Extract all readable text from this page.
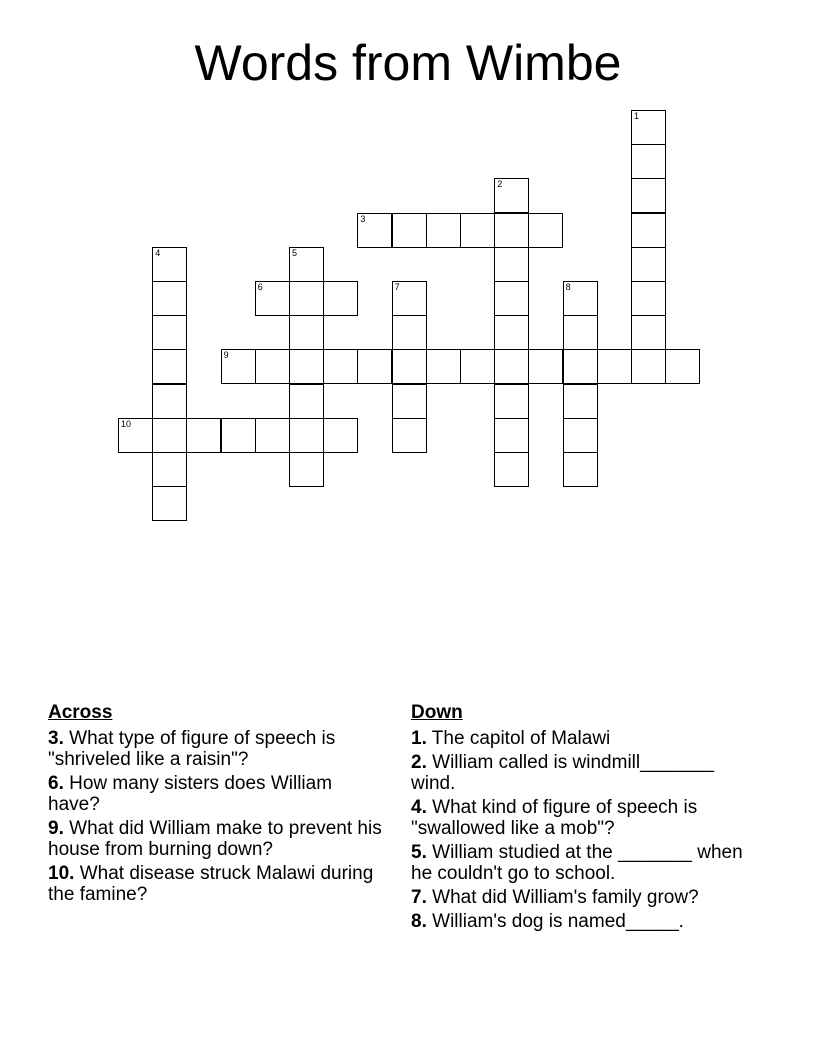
Words from Wimbe
1
2
3
4	5
6	7	8
9
10
Across
3. What type of figure of speech is "shriveled like a raisin"?
6. How many sisters does William have?
9. What did William make to prevent his house from burning down?
10. What disease struck Malawi during the famine?
Down
1. The capitol of Malawi
2. William called is windmill_______ wind.
4. What kind of figure of speech is "swallowed like a mob"?
5. William studied at the _______ when he couldn't go to school.
7. What did William's family grow?
8. William's dog is named_____.
